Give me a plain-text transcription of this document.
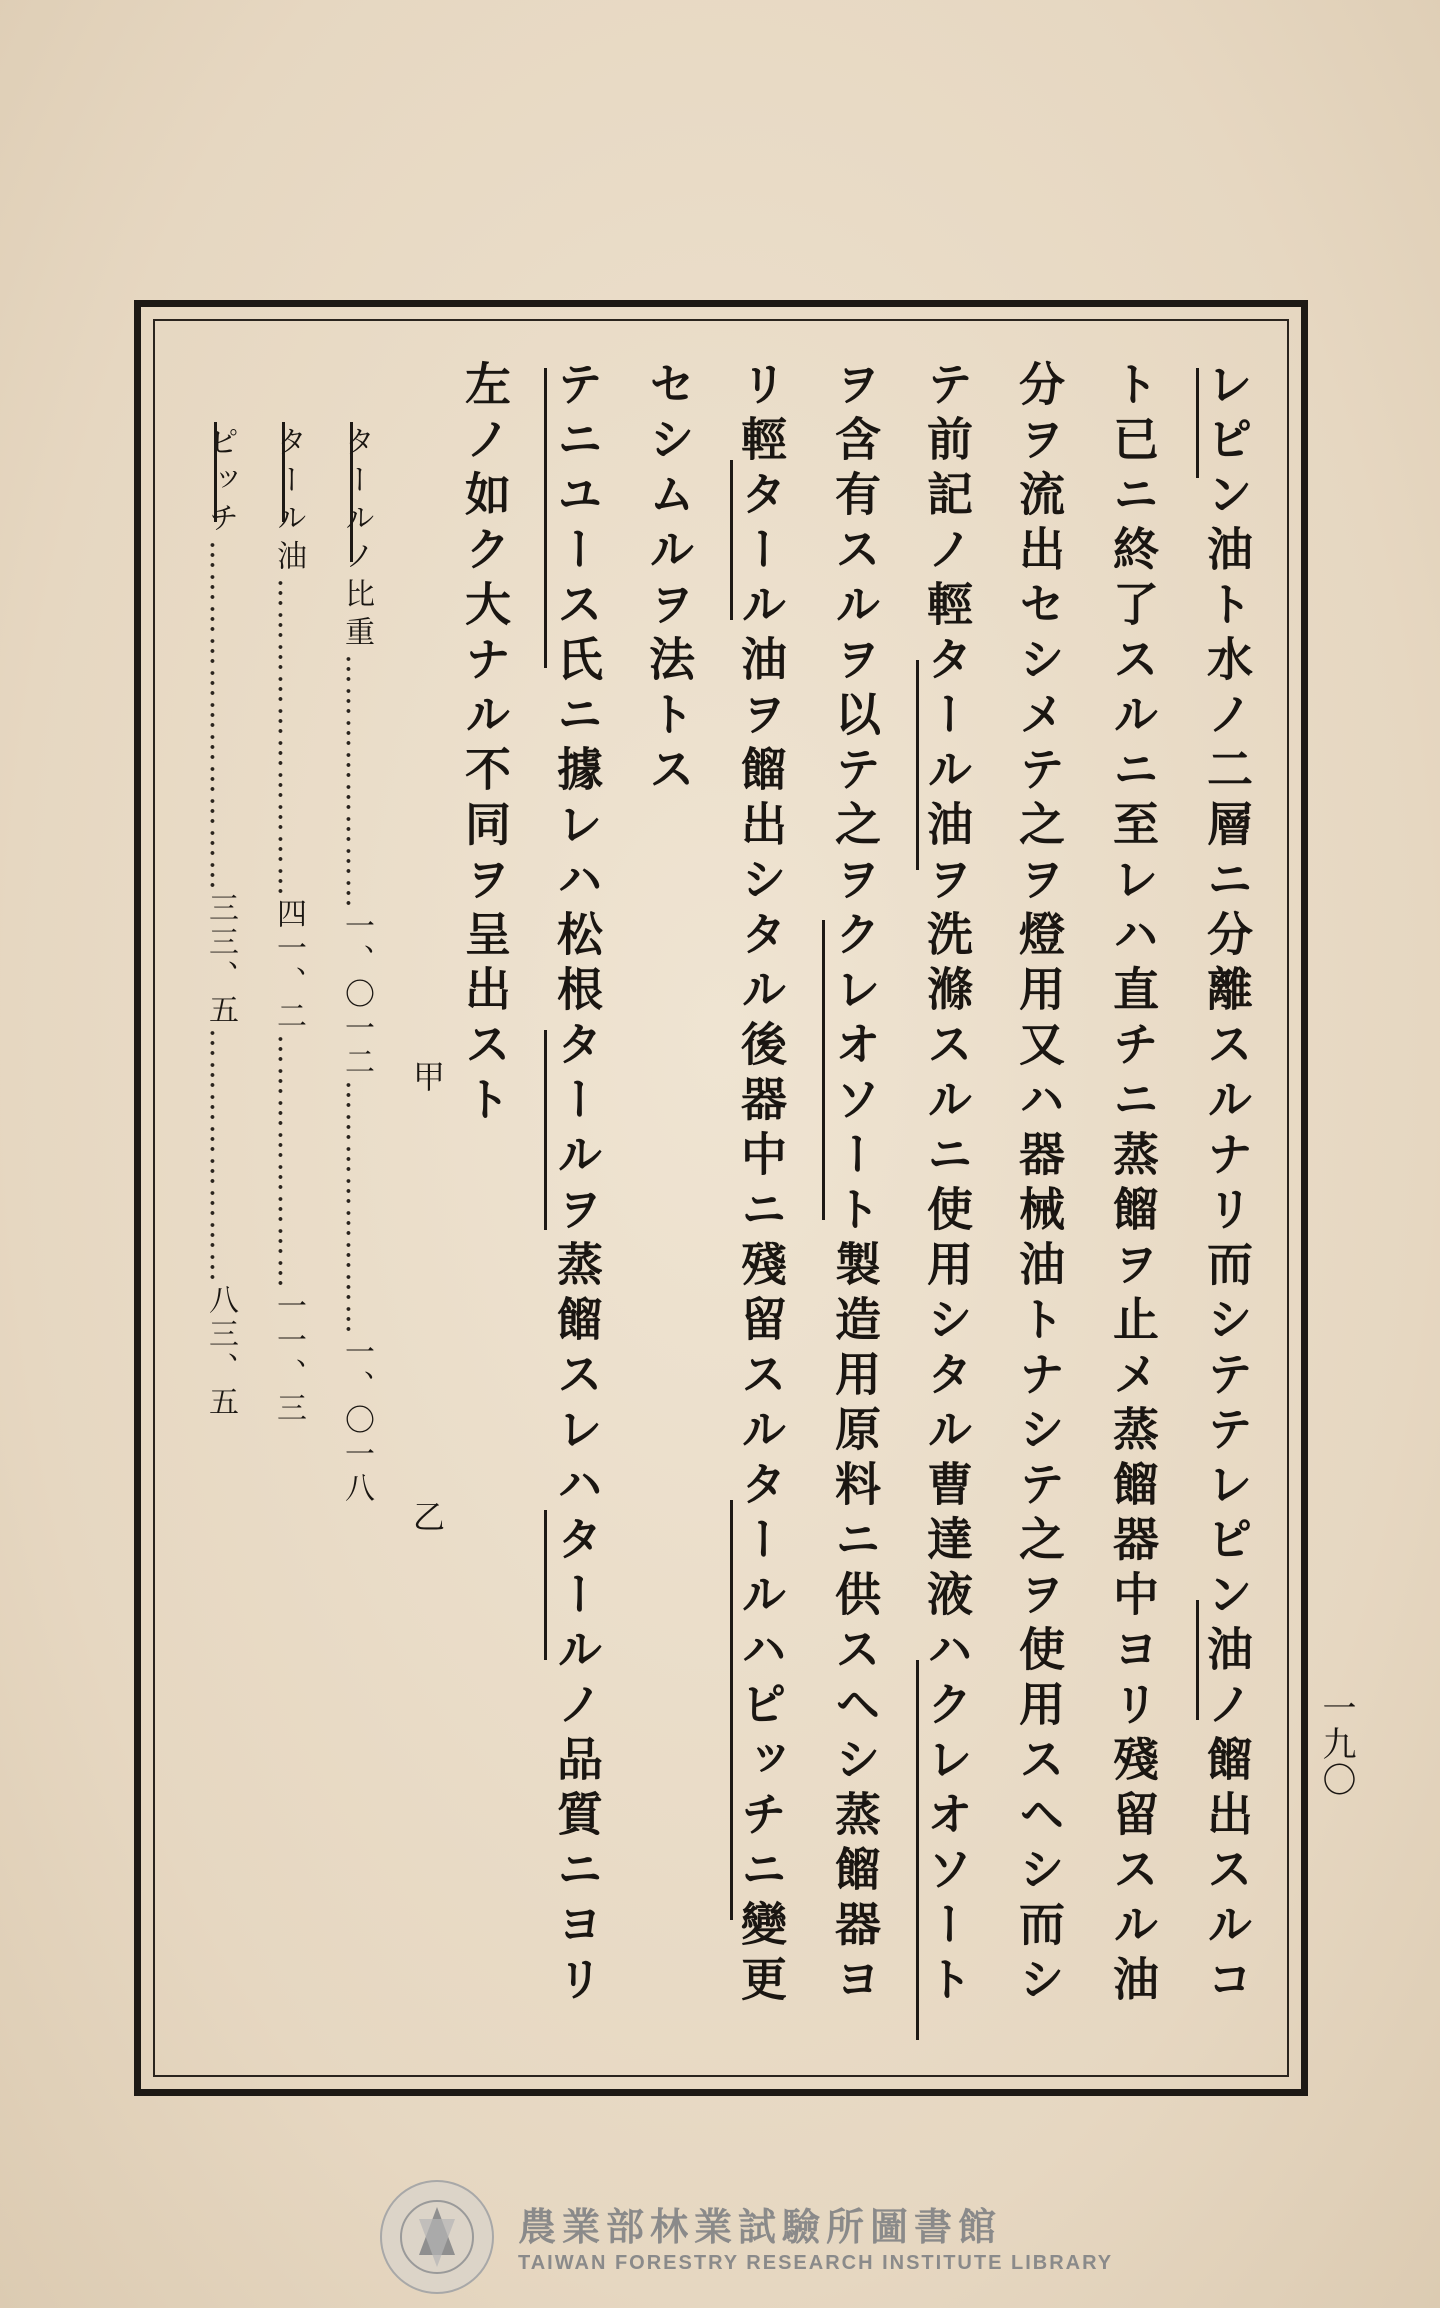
一九〇
レピン油ト水ノ二層ニ分離スルナリ而シテテレピン油ノ餾出スルコ
ト已ニ終了スルニ至レハ直チニ蒸餾ヲ止メ蒸餾器中ヨリ殘留スル油
分ヲ流出セシメテ之ヲ燈用又ハ器械油トナシテ之ヲ使用スヘシ而シ
テ前記ノ輕タール油ヲ洗滌スルニ使用シタル曹達液ハクレオソート
ヲ含有スルヲ以テ之ヲクレオソート製造用原料ニ供スヘシ蒸餾器ヨ
リ輕タール油ヲ餾出シタル後器中ニ殘留スルタールハピッチニ變更
セシムルヲ法トス
テニユース氏ニ據レハ松根タールヲ蒸餾スレハタールノ品質ニヨリ
左ノ如ク大ナル不同ヲ呈出スト
甲
乙
タールノ比重……………………一、〇一二……………………一、〇一八
タール油…………………………四一、二……………………一一、三
ピッチ……………………………三三、五……………………八三、五
農業部林業試驗所圖書館
TAIWAN FORESTRY RESEARCH INSTITUTE LIBRARY
